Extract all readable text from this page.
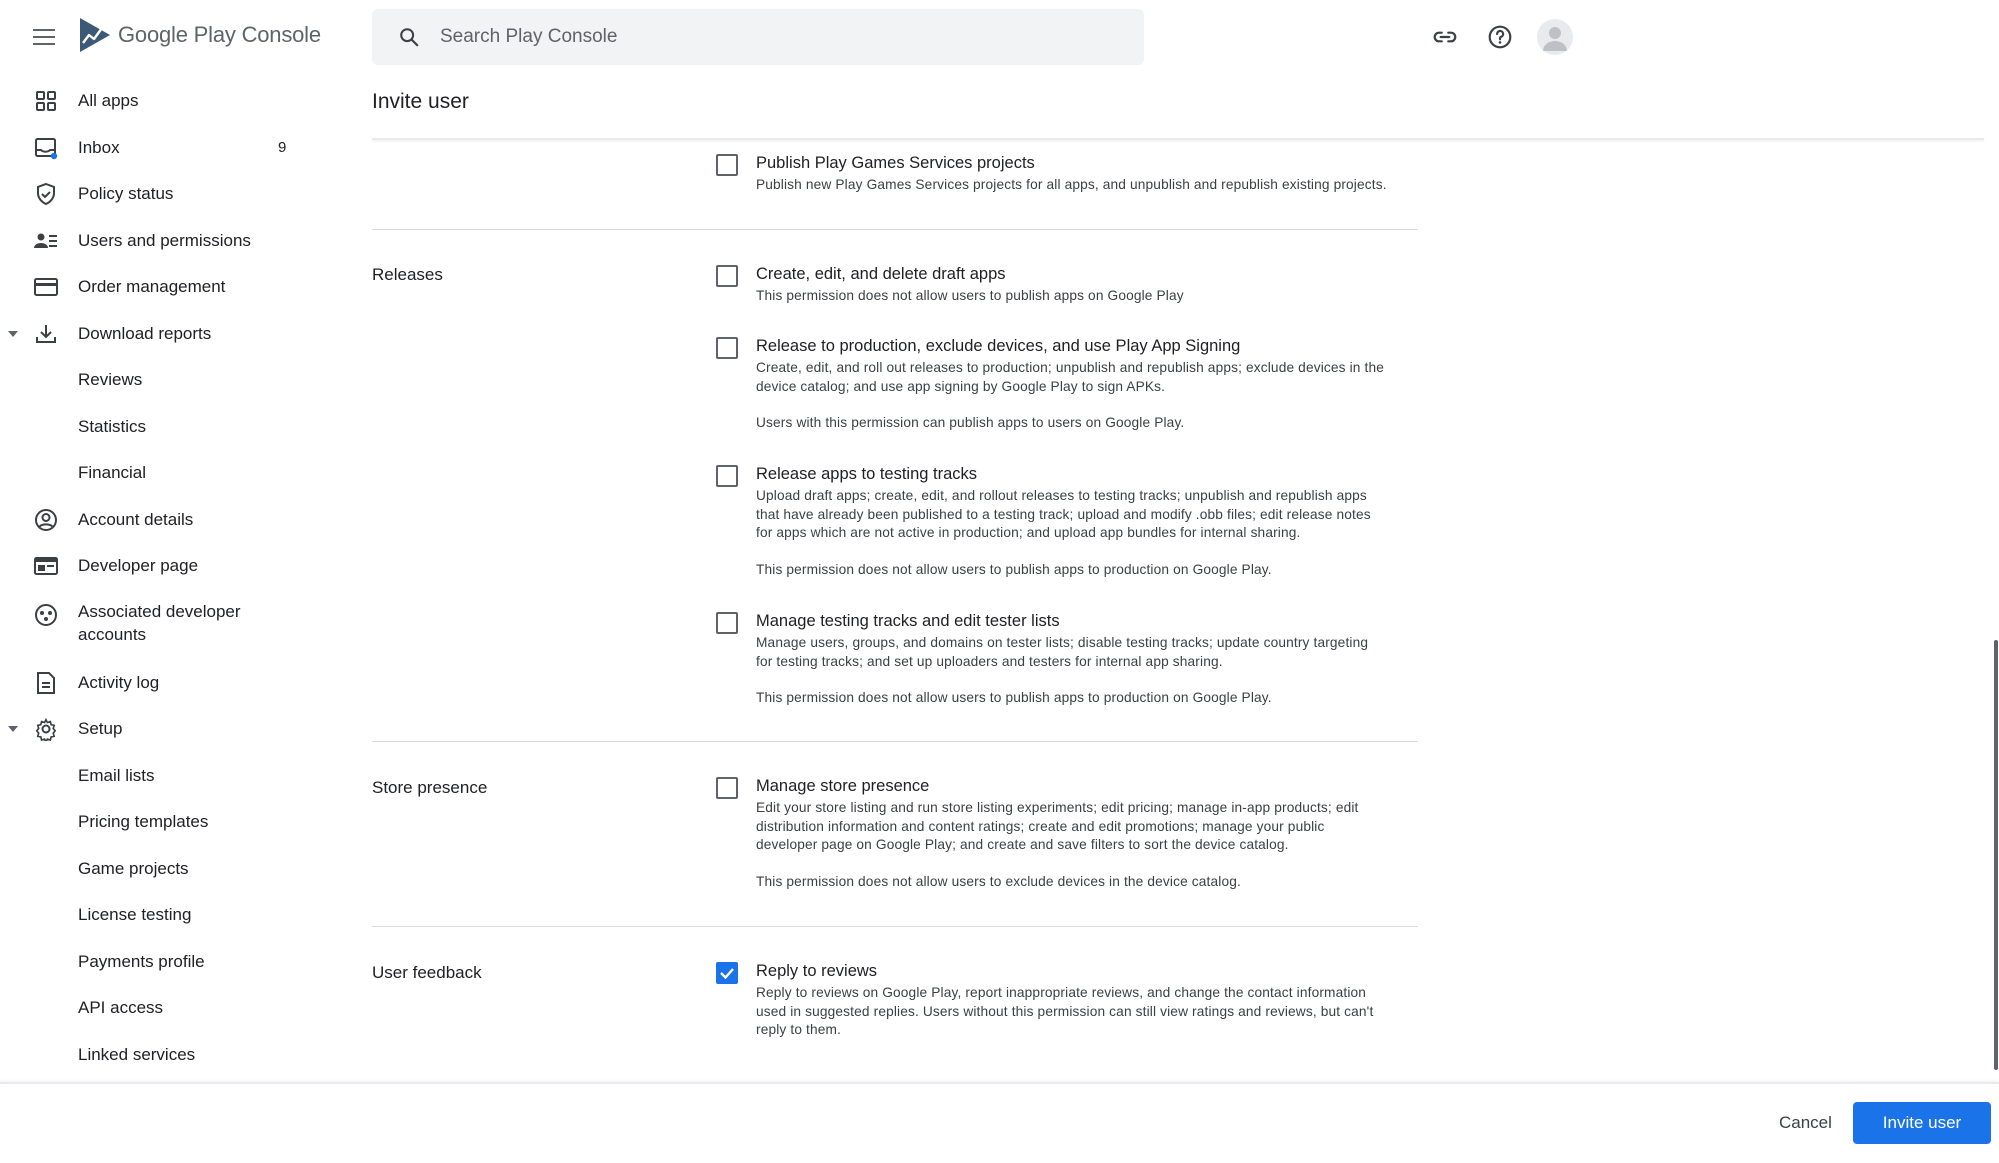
Google Play Console
Search Play Console
All apps
Inbox	9
Policy status
Users and permissions
Order management
Download reports
Reviews
Statistics
Financial
Account details
Developer page
Associated developer
accounts
Activity log
Setup
Email lists
Pricing templates
Game projects
License testing
Payments profile
API access
Linked services
Invite user
Publish Play Games Services projects
Publish new Play Games Services projects for all apps, and unpublish and republish existing projects.
Releases	Create, edit, and delete draft apps
This permission does not allow users to publish apps on Google Play
Release to production, exclude devices, and use Play App Signing
Create, edit, and roll out releases to production; unpublish and republish apps; exclude devices in the
device catalog; and use app signing by Google Play to sign APKs.
Users with this permission can publish apps to users on Google Play.
Release apps to testing tracks
Upload draft apps; create, edit, and rollout releases to testing tracks; unpublish and republish apps
that have already been published to a testing track; upload and modify .obb files; edit release notes
for apps which are not active in production; and upload app bundles for internal sharing.
This permission does not allow users to publish apps to production on Google Play.
Manage testing tracks and edit tester lists
Manage users, groups, and domains on tester lists; disable testing tracks; update country targeting
for testing tracks; and set up uploaders and testers for internal app sharing.
This permission does not allow users to publish apps to production on Google Play.
Store presence	Manage store presence
Edit your store listing and run store listing experiments; edit pricing; manage in-app products; edit
distribution information and content ratings; create and edit promotions; manage your public
developer page on Google Play; and create and save filters to sort the device catalog.
This permission does not allow users to exclude devices in the device catalog.
User feedback	Reply to reviews
Reply to reviews on Google Play, report inappropriate reviews, and change the contact information
used in suggested replies. Users without this permission can still view ratings and reviews, but can't
reply to them.
Cancel	Invite user
